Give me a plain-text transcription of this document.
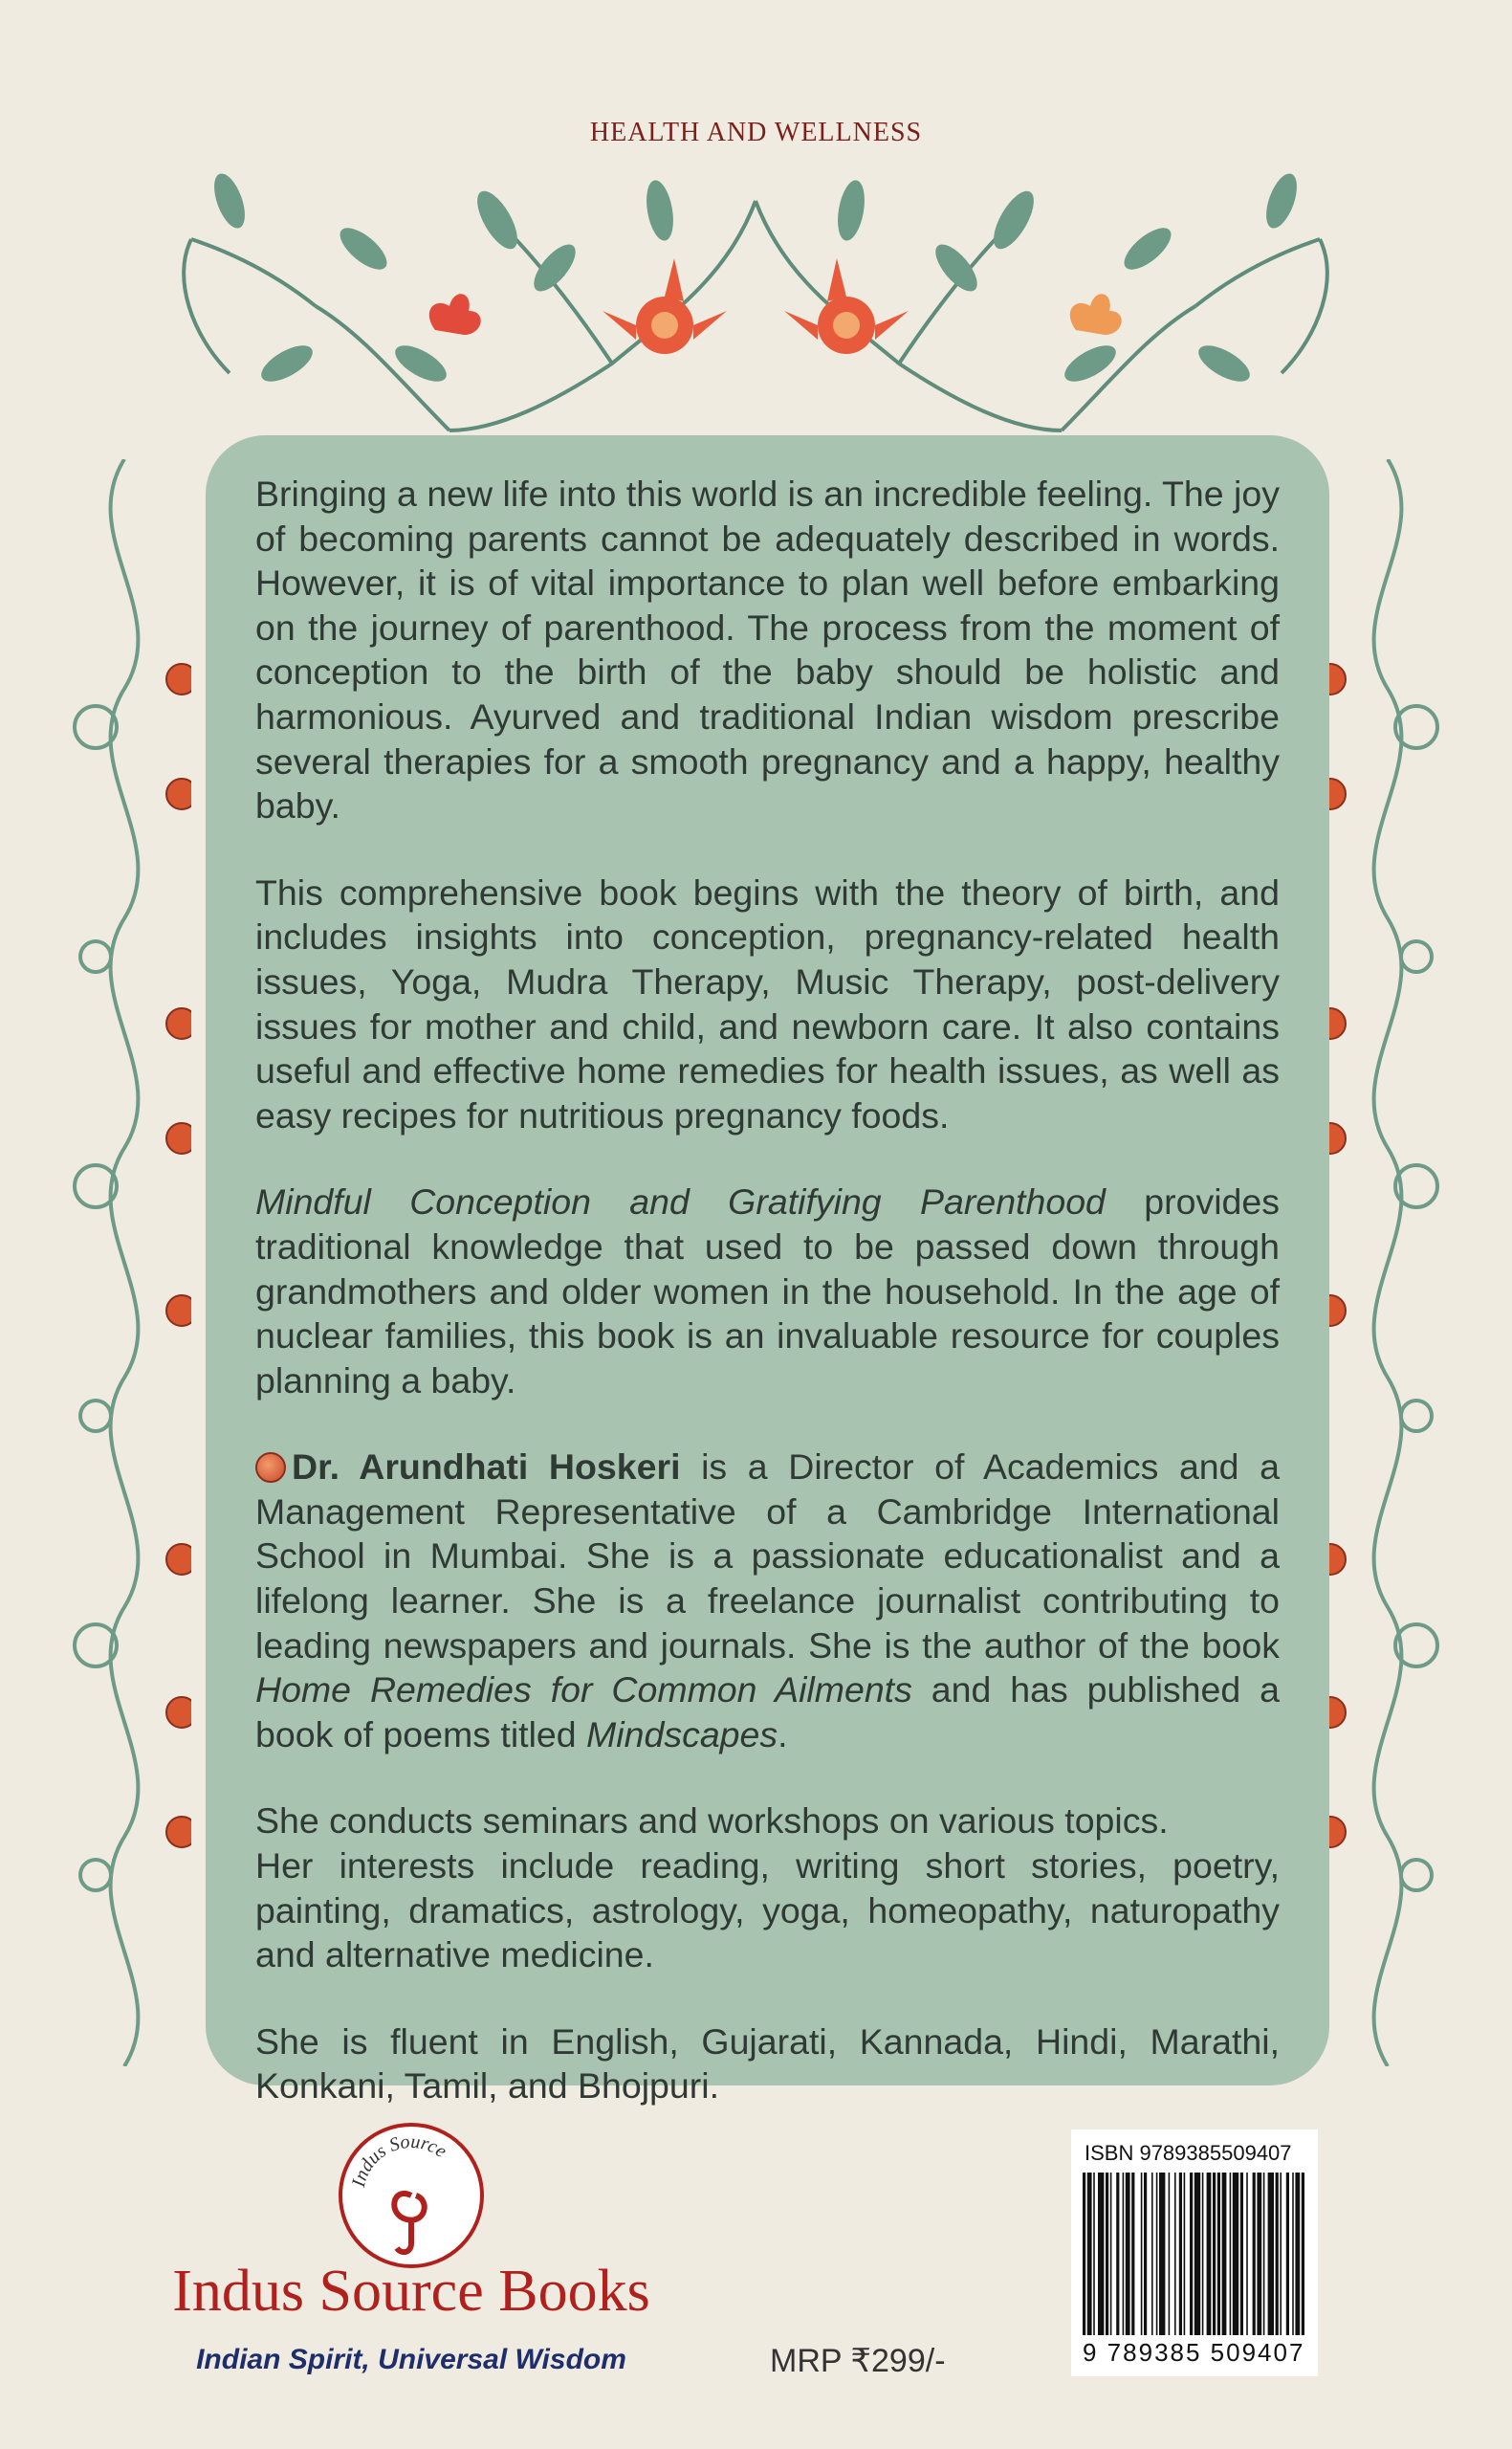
HEALTH AND WELLNESS

Bringing a new life into this world is an incredible feeling. The joy of becoming parents cannot be adequately described in words. However, it is of vital importance to plan well before embarking on the journey of parenthood. The process from the moment of conception to the birth of the baby should be holistic and harmonious. Ayurved and traditional Indian wisdom prescribe several therapies for a smooth pregnancy and a happy, healthy baby.

This comprehensive book begins with the theory of birth, and includes insights into conception, pregnancy-related health issues, Yoga, Mudra Therapy, Music Therapy, post-delivery issues for mother and child, and newborn care. It also contains useful and effective home remedies for health issues, as well as easy recipes for nutritious pregnancy foods.

Mindful Conception and Gratifying Parenthood provides traditional knowledge that used to be passed down through grandmothers and older women in the household. In the age of nuclear families, this book is an invaluable resource for couples planning a baby.

Dr. Arundhati Hoskeri is a Director of Academics and a Management Representative of a Cambridge International School in Mumbai. She is a passionate educationalist and a lifelong learner. She is a freelance journalist contributing to leading newspapers and journals. She is the author of the book Home Remedies for Common Ailments and has published a book of poems titled Mindscapes.

She conducts seminars and workshops on various topics.
Her interests include reading, writing short stories, poetry, painting, dramatics, astrology, yoga, homeopathy, naturopathy and alternative medicine.

She is fluent in English, Gujarati, Kannada, Hindi, Marathi, Konkani, Tamil, and Bhojpuri.

Indus Source
Indus Source Books
Indian Spirit, Universal Wisdom	MRP ₹299/-
ISBN 9789385509407
9 789385 509407
